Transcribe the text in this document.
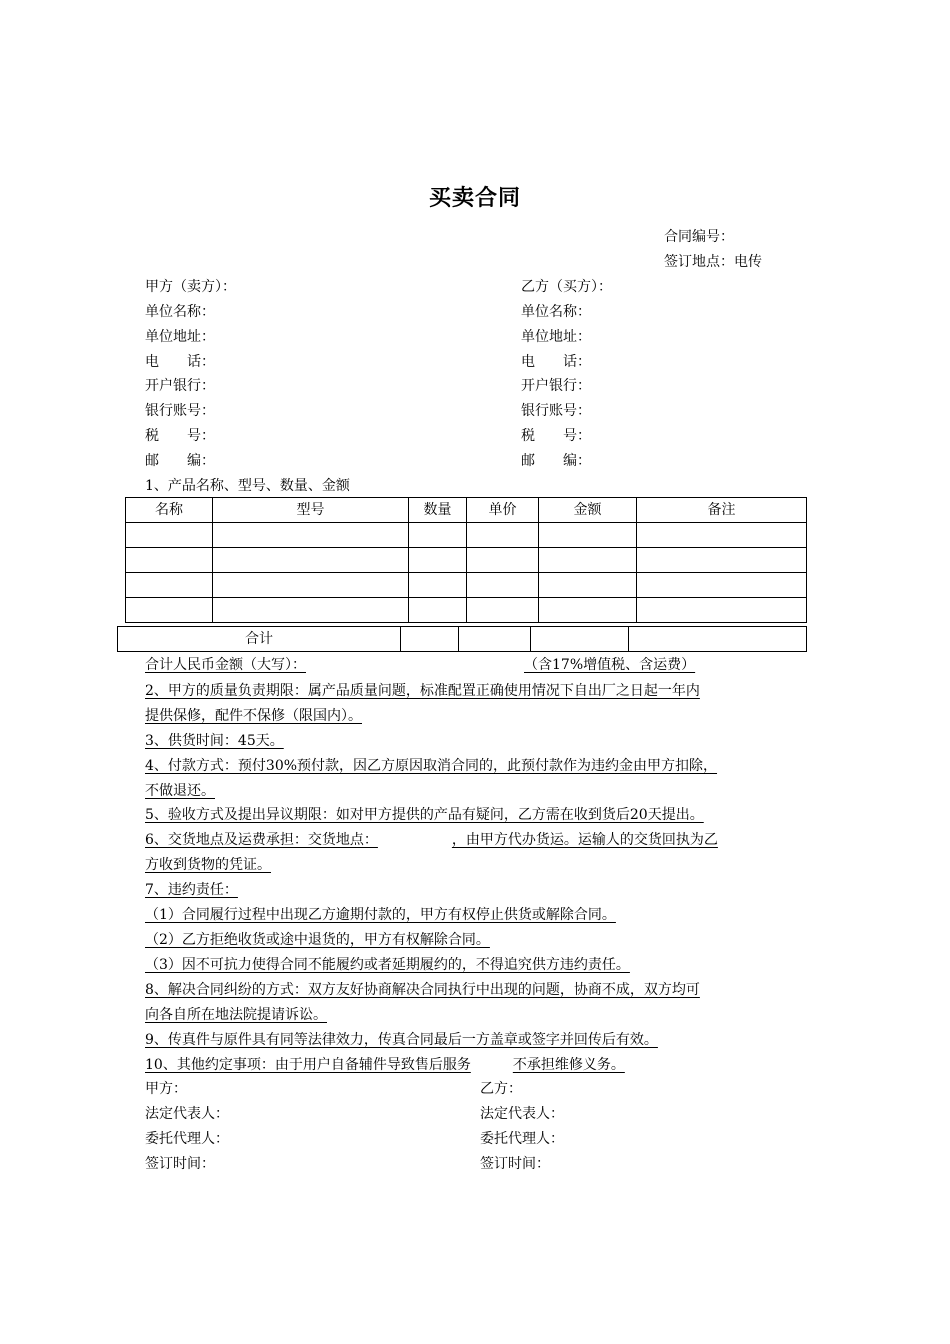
买卖合同
合同编号：
签订地点：电传
甲方（卖方）：
单位名称：
单位地址：
电　　话：
开户银行：
银行账号：
税　　号：
邮　　编：
乙方（买方）：
单位名称：
单位地址：
电　　话：
开户银行：
银行账号：
税　　号：
邮　　编：
1、产品名称、型号、数量、金额
名称	型号	数量	单价	金额	备注

合计				
合计人民币金额（大写）：	（含17%增值税、含运费）
2、甲方的质量负责期限：属产品质量问题，标准配置正确使用情况下自出厂之日起一年内
提供保修，配件不保修（限国内）。
3、供货时间：45天。
4、付款方式：预付30%预付款，因乙方原因取消合同的，此预付款作为违约金由甲方扣除，
不做退还。
5、验收方式及提出异议期限：如对甲方提供的产品有疑问，乙方需在收到货后20天提出。
6、交货地点及运费承担：交货地点：	，由甲方代办货运。运输人的交货回执为乙
方收到货物的凭证。
7、违约责任：
（1）合同履行过程中出现乙方逾期付款的，甲方有权停止供货或解除合同。
（2）乙方拒绝收货或途中退货的，甲方有权解除合同。
（3）因不可抗力使得合同不能履约或者延期履约的，不得追究供方违约责任。
8、解决合同纠纷的方式：双方友好协商解决合同执行中出现的问题，协商不成，双方均可
向各自所在地法院提请诉讼。
9、传真件与原件具有同等法律效力，传真合同最后一方盖章或签字并回传后有效。
10、其他约定事项：由于用户自备辅件导致售后服务	不承担维修义务。
甲方：	乙方：
法定代表人：	法定代表人：
委托代理人：	委托代理人：
签订时间：	签订时间：
